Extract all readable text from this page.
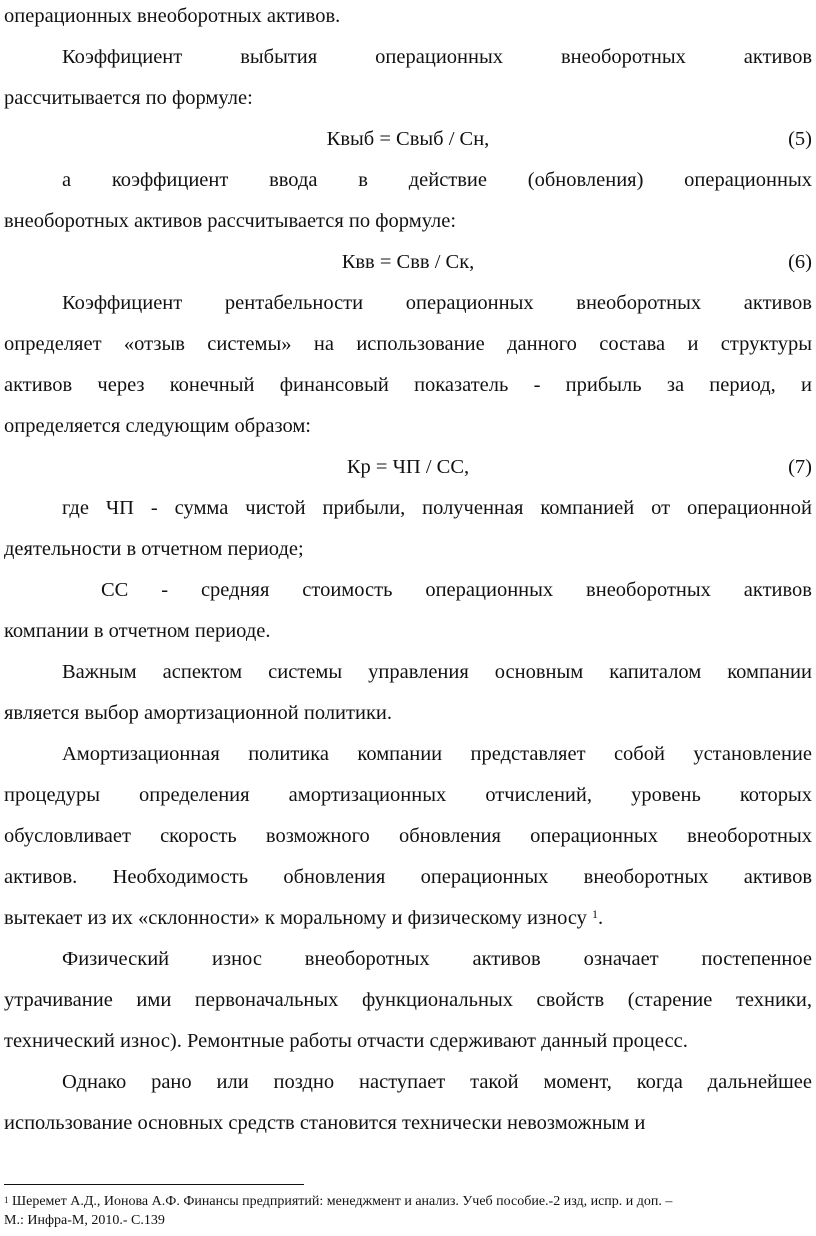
операционных внеоборотных активов.
Коэффициент выбытия операционных внеоборотных активов
рассчитывается по формуле:
Квыб = Свыб / Сн,	(5)
а коэффициент ввода в действие (обновления) операционных
внеоборотных активов рассчитывается по формуле:
Квв = Свв / Ск,	(6)
Коэффициент рентабельности операционных внеоборотных активов
определяет «отзыв системы» на использование данного состава и структуры
активов через конечный финансовый показатель - прибыль за период, и
определяется следующим образом:
Кр = ЧП / СС,	(7)
где ЧП - сумма чистой прибыли, полученная компанией от операционной
деятельности в отчетном периоде;
СС - средняя стоимость операционных внеоборотных активов
компании в отчетном периоде.
Важным аспектом системы управления основным капиталом компании
является выбор амортизационной политики.
Амортизационная политика компании представляет собой установление
процедуры определения амортизационных отчислений, уровень которых
обусловливает скорость возможного обновления операционных внеоборотных
активов. Необходимость обновления операционных внеоборотных активов
вытекает из их «склонности» к моральному и физическому износу $^1$.
Физический износ внеоборотных активов означает постепенное
утрачивание ими первоначальных функциональных свойств (старение техники,
технический износ). Ремонтные работы отчасти сдерживают данный процесс.
Однако рано или поздно наступает такой момент, когда дальнейшее
использование основных средств становится технически невозможным и
$^1$ Шеремет А.Д., Ионова А.Ф. Финансы предприятий: менеджмент и анализ. Учеб пособие.-2 изд, испр. и доп. –
М.: Инфра-М, 2010.- С.139
